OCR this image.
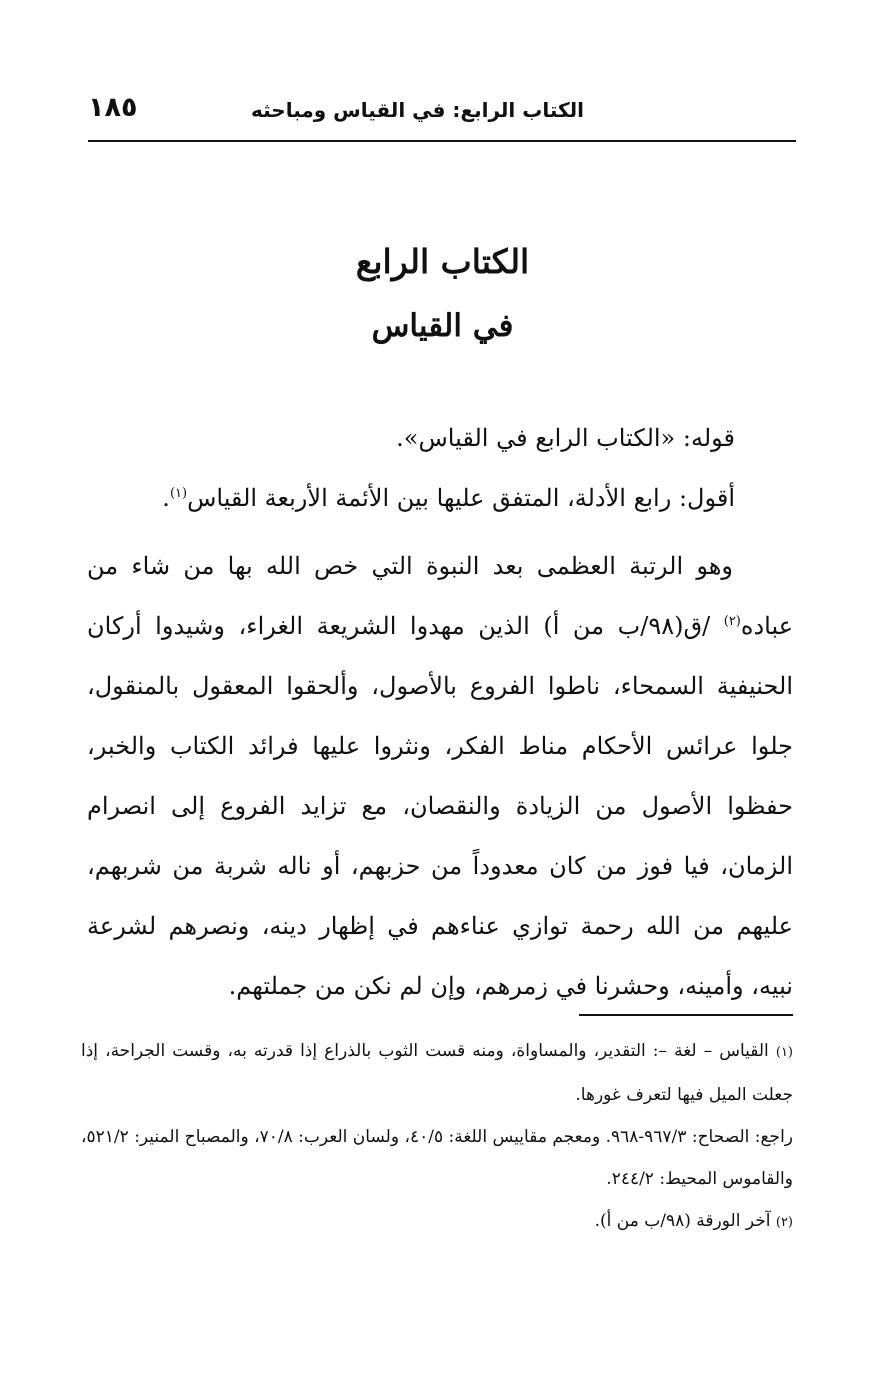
الكتاب الرابع: في القياس ومباحثه
١٨٥
الكتاب الرابع
في القياس

قوله: «الكتاب الرابع في القياس».

أقول: رابع الأدلة، المتفق عليها بين الأئمة الأربعة القياس$^{(١)}$.

وهو الرتبة العظمى بعد النبوة التي خص الله بها من شاء من عباده$^{(٢)}$ /ق(٩٨/ب من أ) الذين مهدوا الشريعة الغراء، وشيدوا أركان الحنيفية السمحاء، ناطوا الفروع بالأصول، وألحقوا المعقول بالمنقول، جلوا عرائس الأحكام مناط الفكر، ونثروا عليها فرائد الكتاب والخبر، حفظوا الأصول من الزيادة والنقصان، مع تزايد الفروع إلى انصرام الزمان، فيا فوز من كان معدوداً من حزبهم، أو ناله شربة من شربهم، عليهم من الله رحمة توازي عناءهم في إظهار دينه، ونصرهم لشرعة نبيه، وأمينه، وحشرنا في زمرهم، وإن لم نكن من جملتهم.

(١) القياس – لغة –: التقدير، والمساواة، ومنه قست الثوب بالذراع إذا قدرته به، وقست الجراحة، إذا جعلت الميل فيها لتعرف غورها.

راجع: الصحاح: ٩٦٧/٣-٩٦٨. ومعجم مقاييس اللغة: ٤٠/٥، ولسان العرب: ٧٠/٨، والمصباح المنير: ٥٢١/٢، والقاموس المحيط: ٢٤٤/٢.

(٢) آخر الورقة (٩٨/ب من أ).
